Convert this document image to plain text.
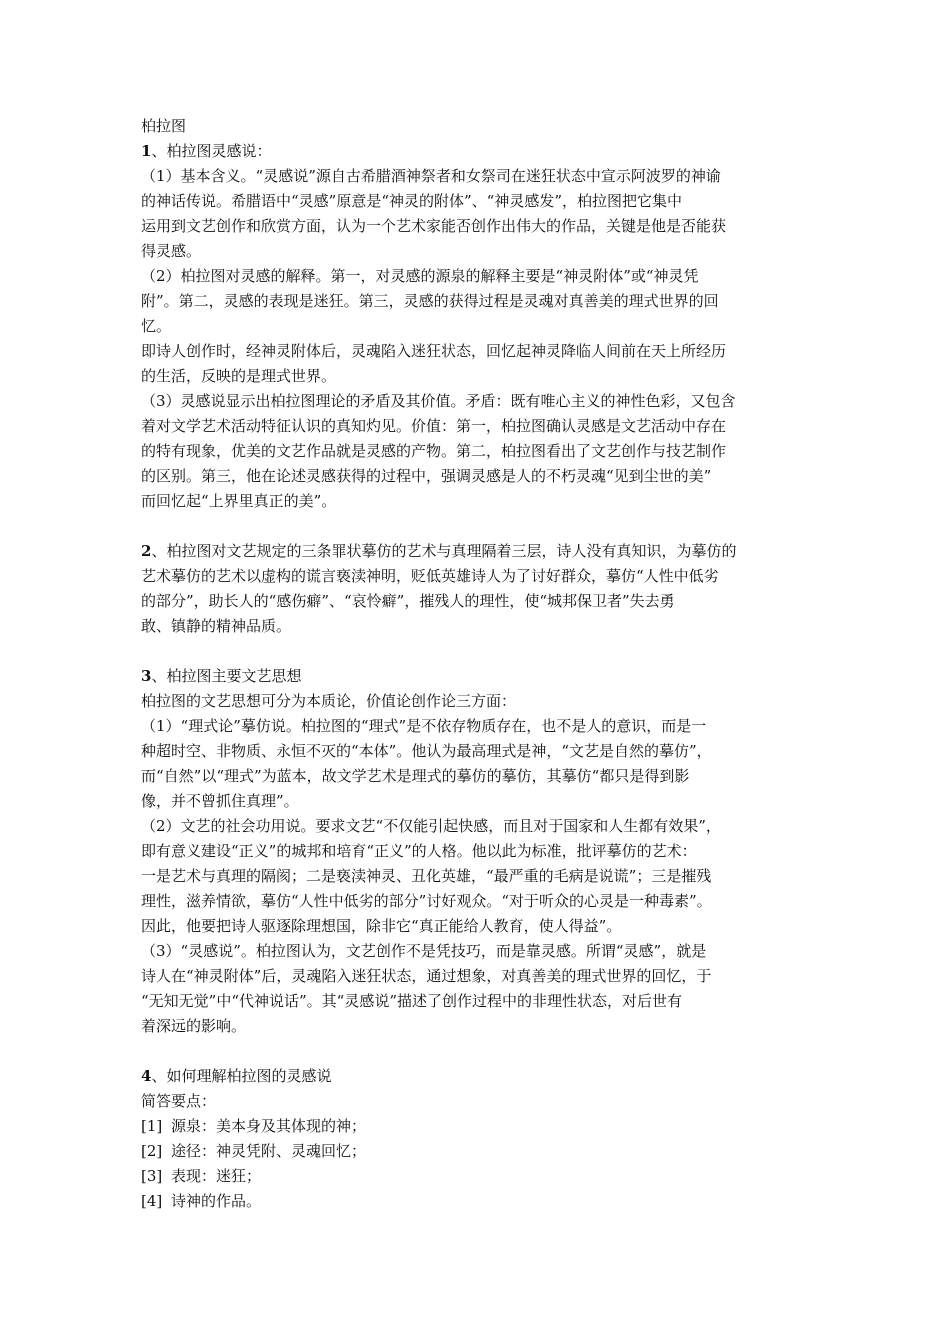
柏拉图
1、柏拉图灵感说：
（1）基本含义。“灵感说”源自古希腊酒神祭者和女祭司在迷狂状态中宣示阿波罗的神谕
的神话传说。希腊语中“灵感”原意是“神灵的附体”、“神灵感发”，柏拉图把它集中
运用到文艺创作和欣赏方面，认为一个艺术家能否创作出伟大的作品，关键是他是否能获
得灵感。
（2）柏拉图对灵感的解释。第一，对灵感的源泉的解释主要是“神灵附体”或“神灵凭
附”。第二，灵感的表现是迷狂。第三，灵感的获得过程是灵魂对真善美的理式世界的回
忆。
即诗人创作时，经神灵附体后，灵魂陷入迷狂状态，回忆起神灵降临人间前在天上所经历
的生活，反映的是理式世界。
（3）灵感说显示出柏拉图理论的矛盾及其价值。矛盾：既有唯心主义的神性色彩，又包含
着对文学艺术活动特征认识的真知灼见。价值：第一，柏拉图确认灵感是文艺活动中存在
的特有现象，优美的文艺作品就是灵感的产物。第二，柏拉图看出了文艺创作与技艺制作
的区别。第三，他在论述灵感获得的过程中，强调灵感是人的不朽灵魂“见到尘世的美”
而回忆起“上界里真正的美”。
2、柏拉图对文艺规定的三条罪状摹仿的艺术与真理隔着三层，诗人没有真知识，为摹仿的
艺术摹仿的艺术以虚构的谎言亵渎神明，贬低英雄诗人为了讨好群众，摹仿“人性中低劣
的部分”，助长人的“感伤癖”、“哀怜癖”，摧残人的理性，使“城邦保卫者”失去勇
敢、镇静的精神品质。
3、柏拉图主要文艺思想
柏拉图的文艺思想可分为本质论，价值论创作论三方面：
（1）“理式论”摹仿说。柏拉图的“理式”是不依存物质存在，也不是人的意识，而是一
种超时空、非物质、永恒不灭的“本体”。他认为最高理式是神，“文艺是自然的摹仿”，
而“自然”以“理式”为蓝本，故文学艺术是理式的摹仿的摹仿，其摹仿“都只是得到影
像，并不曾抓住真理”。
（2）文艺的社会功用说。要求文艺“不仅能引起快感，而且对于国家和人生都有效果”，
即有意义建设“正义”的城邦和培育“正义”的人格。他以此为标准，批评摹仿的艺术：
一是艺术与真理的隔阂；二是亵渎神灵、丑化英雄，“最严重的毛病是说谎”；三是摧残
理性，滋养情欲，摹仿“人性中低劣的部分”讨好观众。“对于听众的心灵是一种毒素”。
因此，他要把诗人驱逐除理想国，除非它“真正能给人教育，使人得益”。
（3）“灵感说”。柏拉图认为，文艺创作不是凭技巧，而是靠灵感。所谓“灵感”，就是
诗人在“神灵附体”后，灵魂陷入迷狂状态，通过想象，对真善美的理式世界的回忆，于
“无知无觉”中“代神说话”。其“灵感说”描述了创作过程中的非理性状态，对后世有
着深远的影响。
4、如何理解柏拉图的灵感说
简答要点：
[1] 源泉：美本身及其体现的神；
[2] 途径：神灵凭附、灵魂回忆；
[3] 表现：迷狂；
[4] 诗神的作品。
